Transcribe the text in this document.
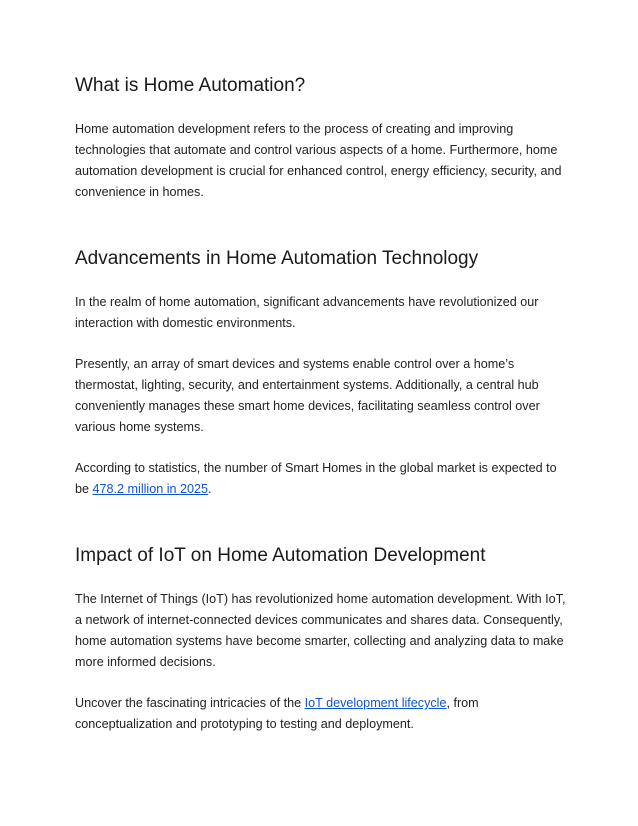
What is Home Automation?

Home automation development refers to the process of creating and improving technologies that automate and control various aspects of a home. Furthermore, home automation development is crucial for enhanced control, energy efficiency, security, and convenience in homes.

Advancements in Home Automation Technology

In the realm of home automation, significant advancements have revolutionized our interaction with domestic environments.

Presently, an array of smart devices and systems enable control over a home’s thermostat, lighting, security, and entertainment systems. Additionally, a central hub conveniently manages these smart home devices, facilitating seamless control over various home systems.

According to statistics, the number of Smart Homes in the global market is expected to be 478.2 million in 2025.

Impact of IoT on Home Automation Development

The Internet of Things (IoT) has revolutionized home automation development. With IoT, a network of internet-connected devices communicates and shares data. Consequently, home automation systems have become smarter, collecting and analyzing data to make more informed decisions.

Uncover the fascinating intricacies of the IoT development lifecycle, from conceptualization and prototyping to testing and deployment.
